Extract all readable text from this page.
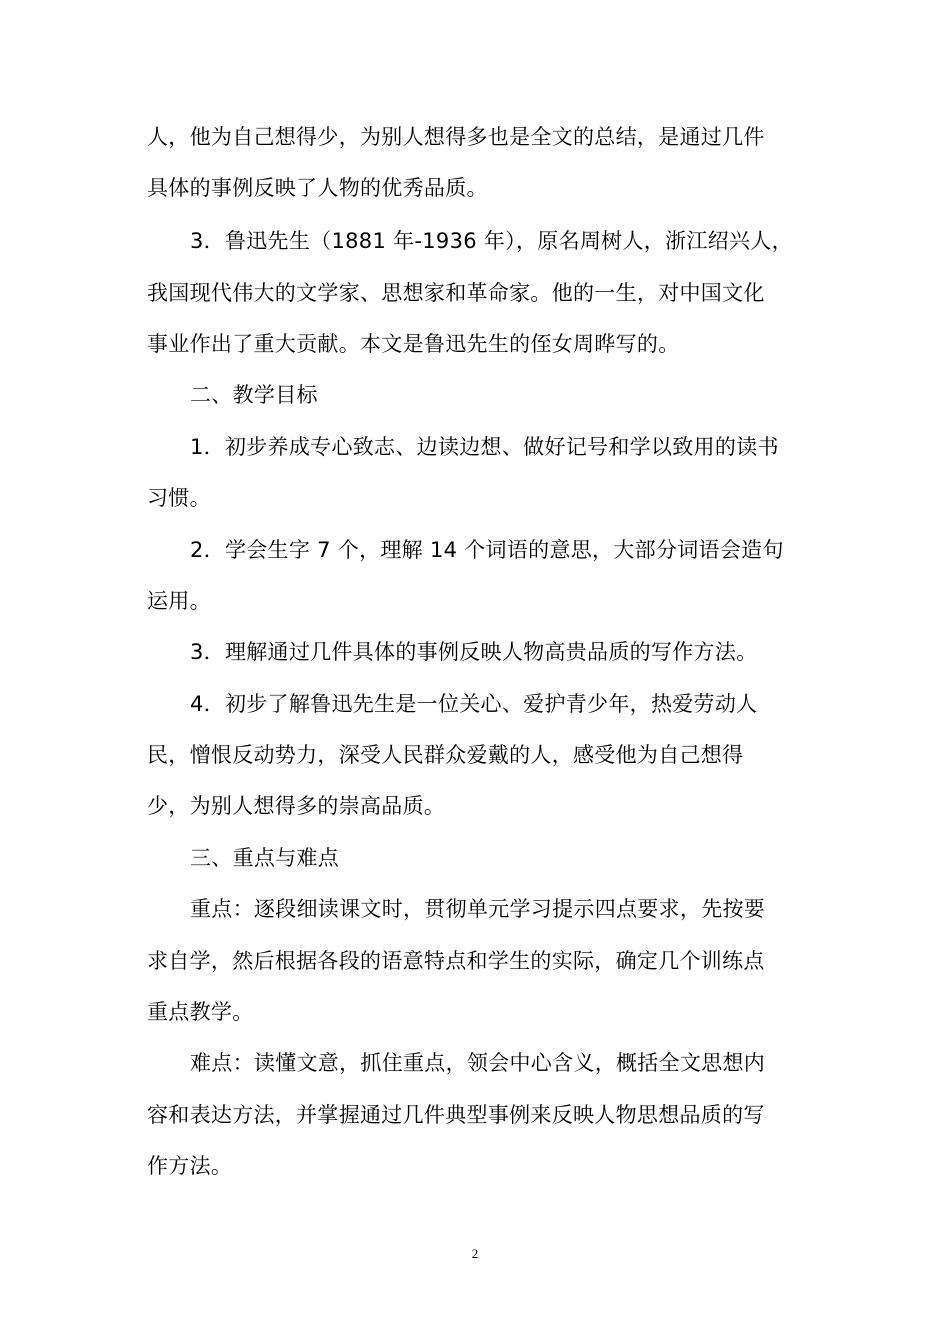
人，他为自己想得少，为别人想得多也是全文的总结，是通过几件
具体的事例反映了人物的优秀品质。
3．鲁迅先生（1881 年-1936 年），原名周树人，浙江绍兴人，
我国现代伟大的文学家、思想家和革命家。他的一生，对中国文化
事业作出了重大贡献。本文是鲁迅先生的侄女周晔写的。
二、教学目标
1．初步养成专心致志、边读边想、做好记号和学以致用的读书
习惯。
2．学会生字 7 个，理解 14 个词语的意思，大部分词语会造句
运用。
3．理解通过几件具体的事例反映人物高贵品质的写作方法。
4．初步了解鲁迅先生是一位关心、爱护青少年，热爱劳动人
民，憎恨反动势力，深受人民群众爱戴的人，感受他为自己想得
少，为别人想得多的崇高品质。
三、重点与难点
重点：逐段细读课文时，贯彻单元学习提示四点要求，先按要
求自学，然后根据各段的语意特点和学生的实际，确定几个训练点
重点教学。
难点：读懂文意，抓住重点，领会中心含义，概括全文思想内
容和表达方法，并掌握通过几件典型事例来反映人物思想品质的写
作方法。
2
